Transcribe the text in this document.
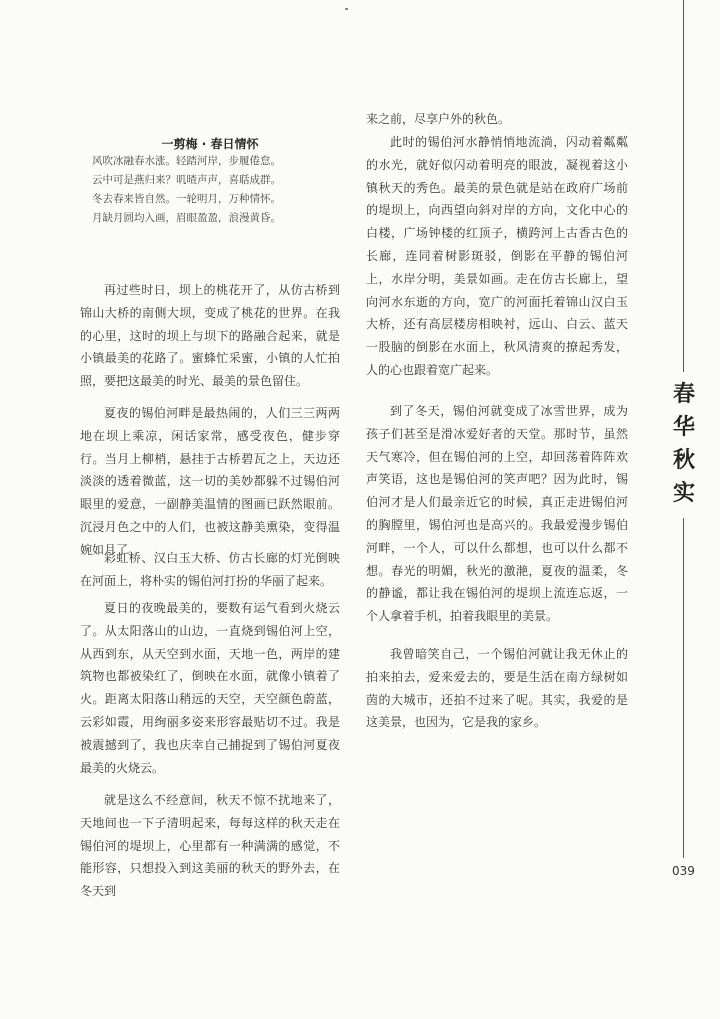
一剪梅 · 春日情怀
风吹冰融春水涨。轻踏河岸，步履倦怠。
云中可是燕归来？叽喳声声，喜聒成群。
冬去春来皆自然。一轮明月，万种情怀。
月缺月圆均入画，眉眼盈盈，浪漫黄昏。
再过些时日，坝上的桃花开了，从仿古桥到锦山大桥的南侧大坝，变成了桃花的世界。在我的心里，这时的坝上与坝下的路融合起来，就是小镇最美的花路了。蜜蜂忙采蜜，小镇的人忙拍照，要把这最美的时光、最美的景色留住。
夏夜的锡伯河畔是最热闹的，人们三三两两地在坝上乘凉，闲话家常，感受夜色，健步穿行。当月上柳梢，悬挂于古桥碧瓦之上，天边还淡淡的透着微蓝，这一切的美妙都躲不过锡伯河眼里的爱意，一副静美温情的图画已跃然眼前。沉浸月色之中的人们，也被这静美熏染，变得温婉如月了。
彩虹桥、汉白玉大桥、仿古长廊的灯光倒映在河面上，将朴实的锡伯河打扮的华丽了起来。
夏日的夜晚最美的，要数有运气看到火烧云了。从太阳落山的山边，一直烧到锡伯河上空，从西到东，从天空到水面，天地一色，两岸的建筑物也都被染红了，倒映在水面，就像小镇着了火。距离太阳落山稍远的天空，天空颜色蔚蓝，云彩如霞，用绚丽多姿来形容最贴切不过。我是被震撼到了，我也庆幸自己捕捉到了锡伯河夏夜最美的火烧云。
就是这么不经意间，秋天不惊不扰地来了，天地间也一下子清明起来，每每这样的秋天走在锡伯河的堤坝上，心里都有一种满满的感觉，不能形容，只想投入到这美丽的秋天的野外去，在冬天到
来之前，尽享户外的秋色。
此时的锡伯河水静悄悄地流淌，闪动着粼粼的水光，就好似闪动着明亮的眼波，凝视着这小镇秋天的秀色。最美的景色就是站在政府广场前的堤坝上，向西望向斜对岸的方向，文化中心的白楼，广场钟楼的红顶子，横跨河上古香古色的长廊，连同着树影斑驳，倒影在平静的锡伯河上，水岸分明，美景如画。走在仿古长廊上，望向河水东逝的方向，宽广的河面托着锦山汉白玉大桥，还有高层楼房相映衬，远山、白云、蓝天一股脑的倒影在水面上，秋风清爽的撩起秀发，人的心也跟着宽广起来。
到了冬天，锡伯河就变成了冰雪世界，成为孩子们甚至是滑冰爱好者的天堂。那时节，虽然天气寒冷，但在锡伯河的上空，却回荡着阵阵欢声笑语，这也是锡伯河的笑声吧？因为此时，锡伯河才是人们最亲近它的时候，真正走进锡伯河的胸膛里，锡伯河也是高兴的。我最爱漫步锡伯河畔，一个人，可以什么都想，也可以什么都不想。春光的明媚，秋光的激滟，夏夜的温柔，冬的静谧，都让我在锡伯河的堤坝上流连忘返，一个人拿着手机，拍着我眼里的美景。
我曾暗笑自己，一个锡伯河就让我无休止的拍来拍去，爱来爱去的，要是生活在南方绿树如茵的大城市，还拍不过来了呢。其实，我爱的是这美景，也因为，它是我的家乡。
春
华
秋
实
039
